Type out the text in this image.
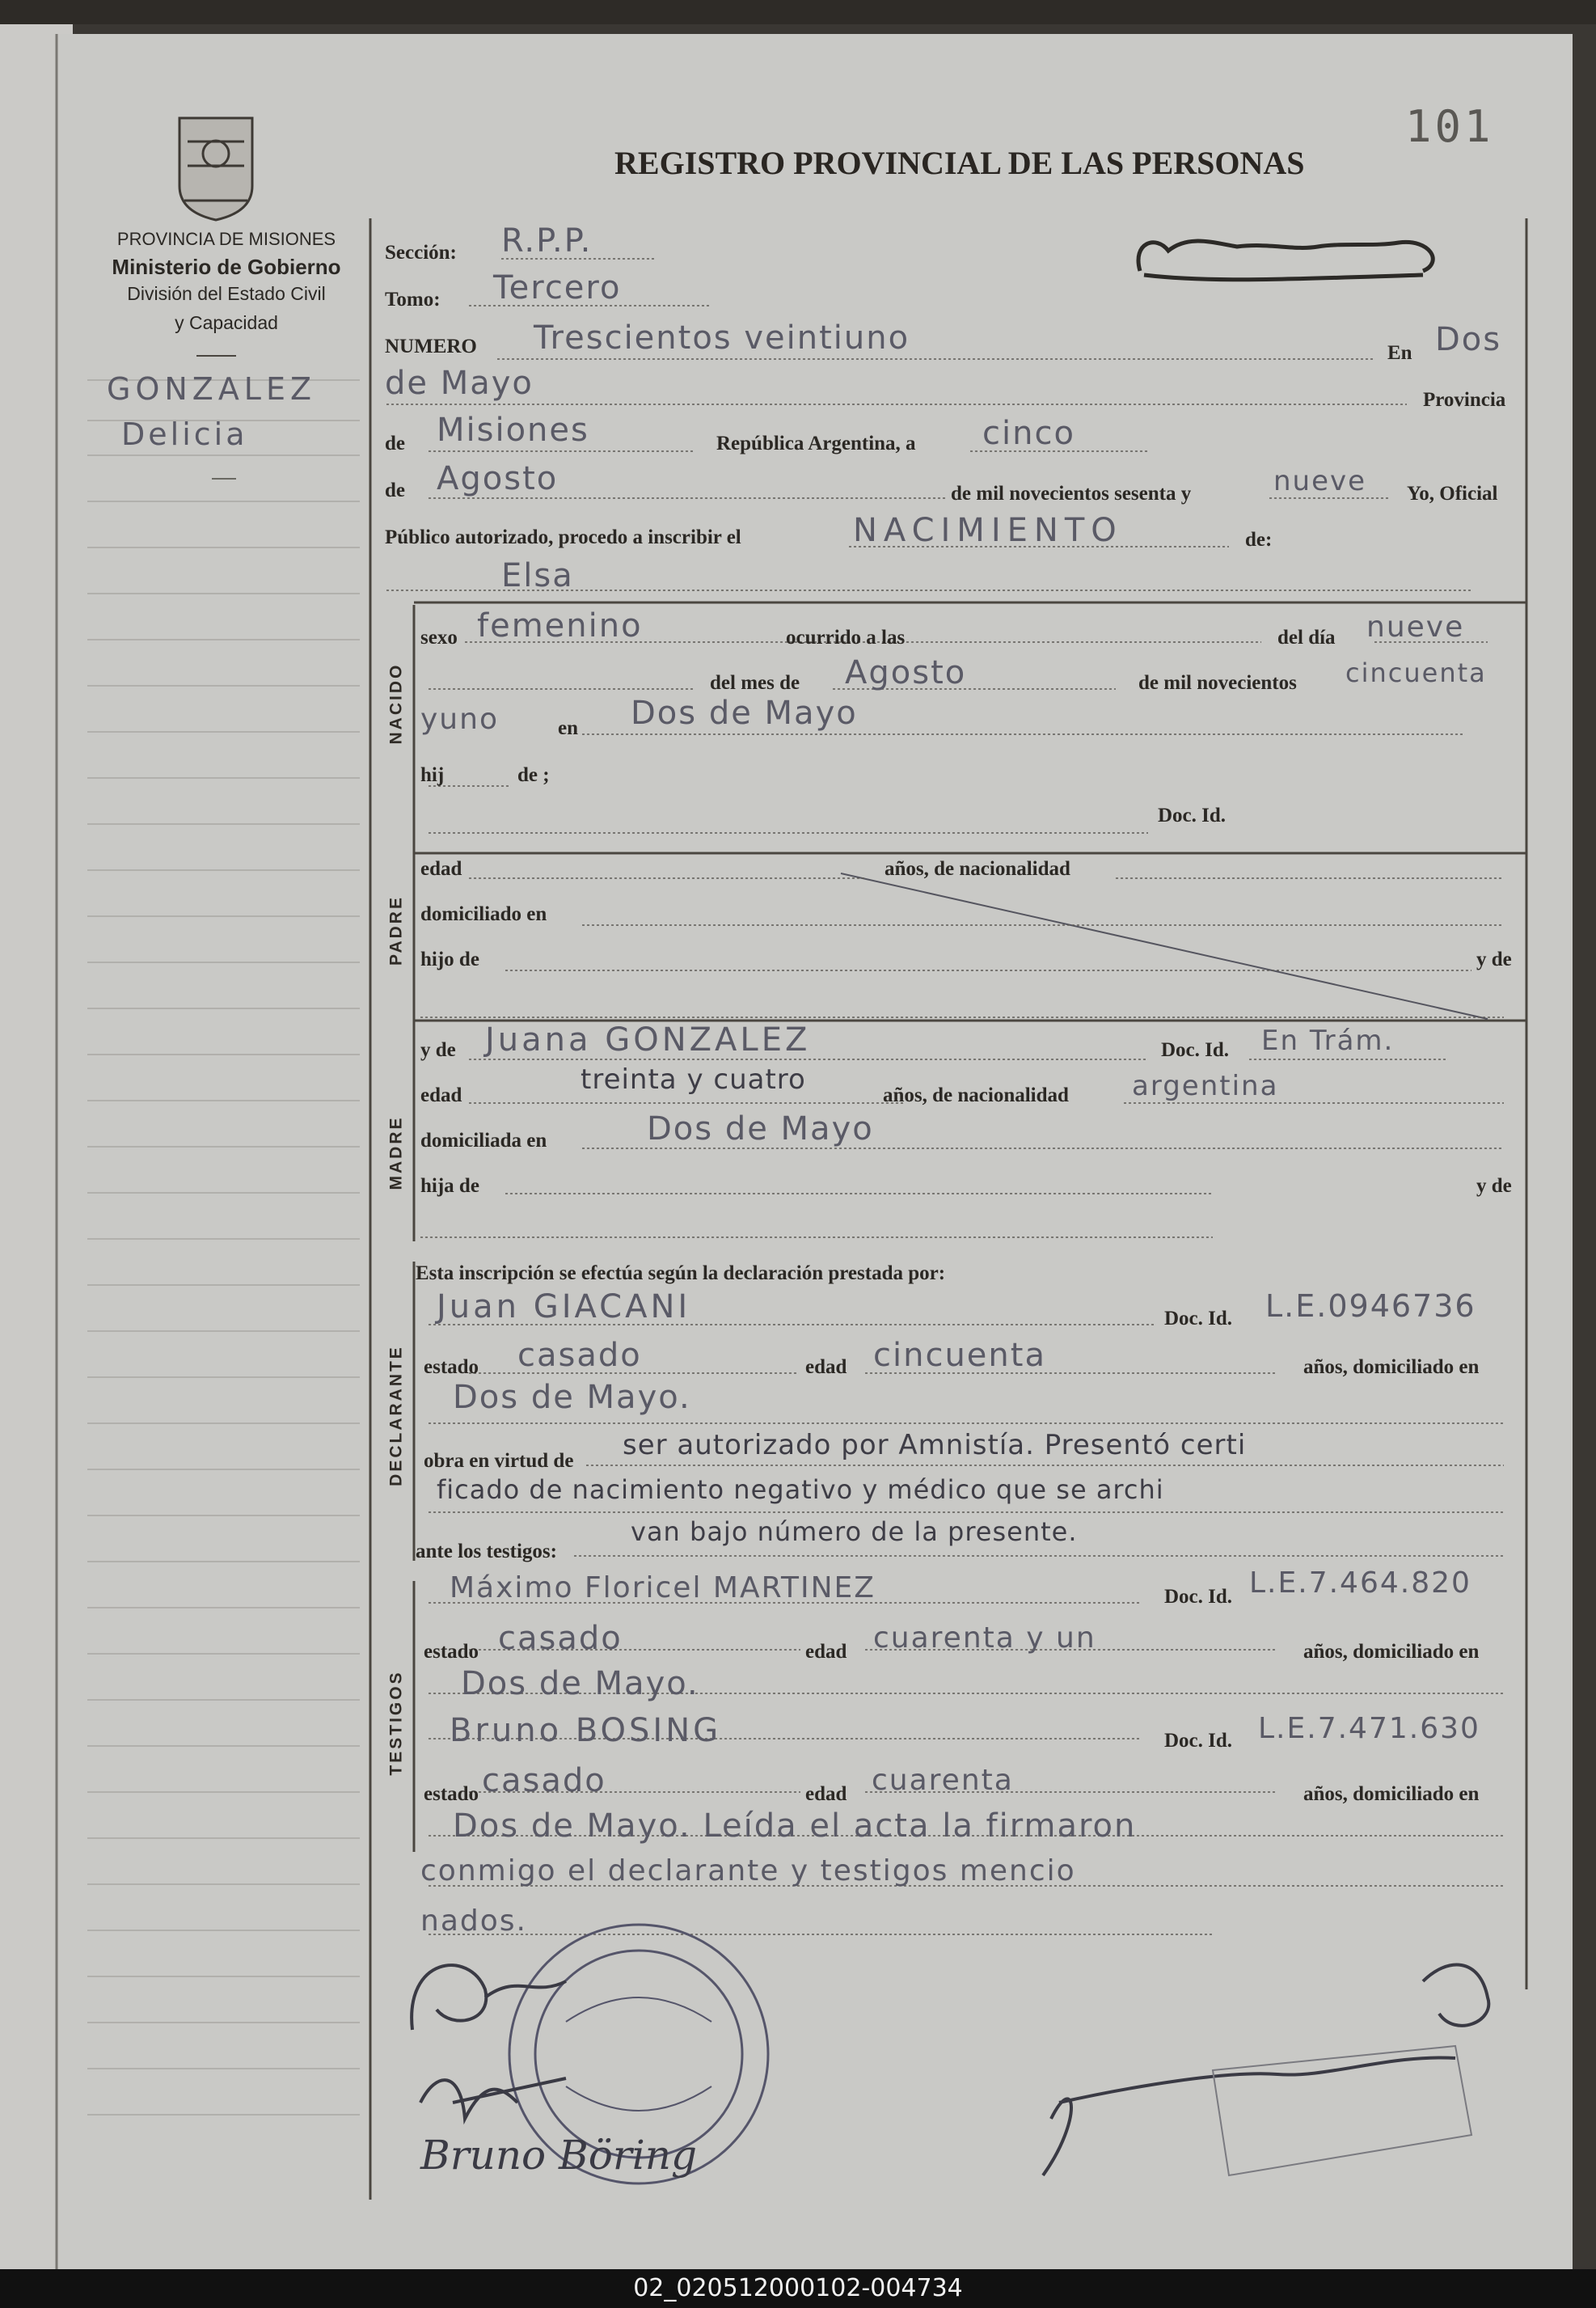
101
REGISTRO PROVINCIAL DE LAS PERSONAS
PROVINCIA DE MISIONES
Ministerio de Gobierno
División del Estado Civil
y Capacidad
GONZALEZ
Delicia
Sección: R.P.P.
Tomo: Tercero
NUMERO Trescientos veintiuno	En Dos
de Mayo	Provincia
de Misiones	República Argentina, a cinco
de Agosto	de mil novecientos sesenta y	nueve Yo, Oficial
Público autorizado, procedo a inscribir el	NACIMIENTO	de:
Elsa
NACIDO
sexo femenino	ocurrido a las	del día nueve
del mes de Agosto	de mil novecientos cincuenta
yuno	en Dos de Mayo
hij	de ;
Doc. Id.
PADRE
edad	años, de nacionalidad
domiciliado en
hijo de	y de
MADRE
y de Juana GONZALEZ	Doc. Id. En Trám.
edad	treinta y cuatro	años, de nacionalidad argentina
domiciliada en	Dos de Mayo
hija de	y de
Esta inscripción se efectúa según la declaración prestada por:
DECLARANTE
Juan GIACANI	Doc. Id. L.E.0946736
estado casado	edad cincuenta	años, domiciliado en
Dos de Mayo.
obra en virtud de ser autorizado por Amnistía. Presentó certi
ficado de nacimiento negativo y médico que se archi
ante los testigos:
van bajo número de la presente.
TESTIGOS
Máximo Floricel MARTINEZ	Doc. Id. L.E.7.464.820
estado casado	edad cuarenta y un	años, domiciliado en
Dos de Mayo.
Bruno BOSING	Doc. Id. L.E.7.471.630
estado casado	edad cuarenta	años, domiciliado en
Dos de Mayo. Leída el acta la firmaron
conmigo el declarante y testigos mencio
nados.
Bruno Böring
02_020512000102-004734
